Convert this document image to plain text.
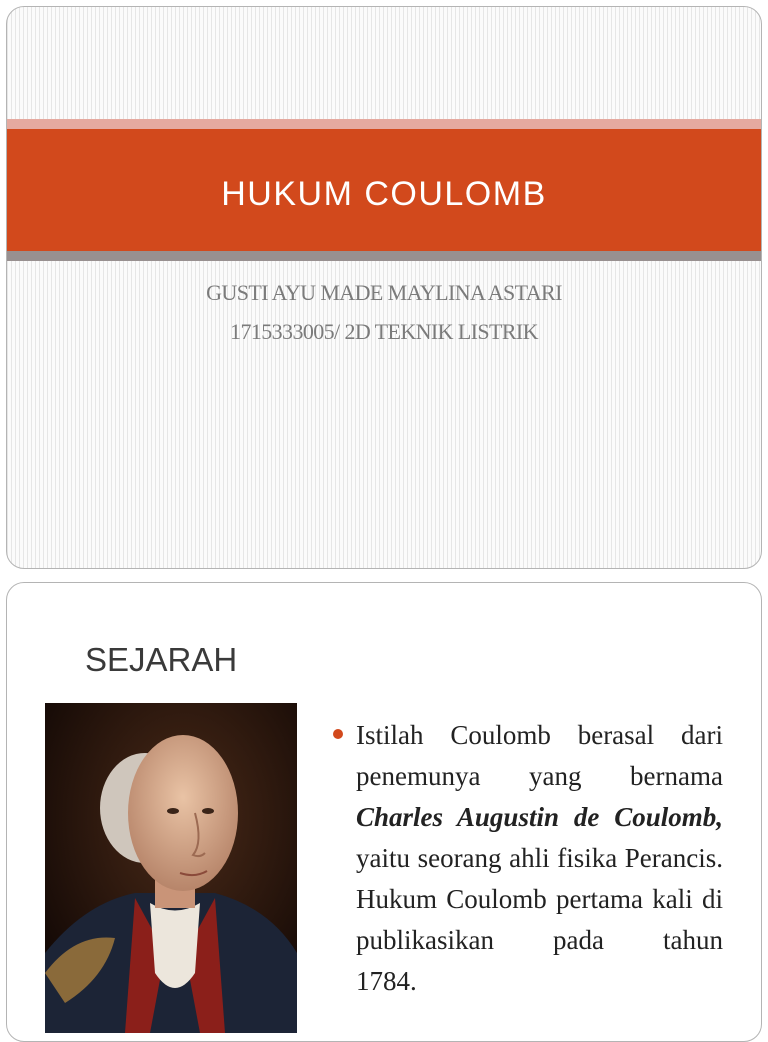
HUKUM COULOMB
GUSTI AYU MADE MAYLINA ASTARI
1715333005/ 2D TEKNIK LISTRIK
SEJARAH
Istilah Coulomb berasal dari penemunya yang bernama Charles Augustin de Coulomb, yaitu seorang ahli fisika Perancis. Hukum Coulomb pertama kali di publikasikan pada tahun
1784.
